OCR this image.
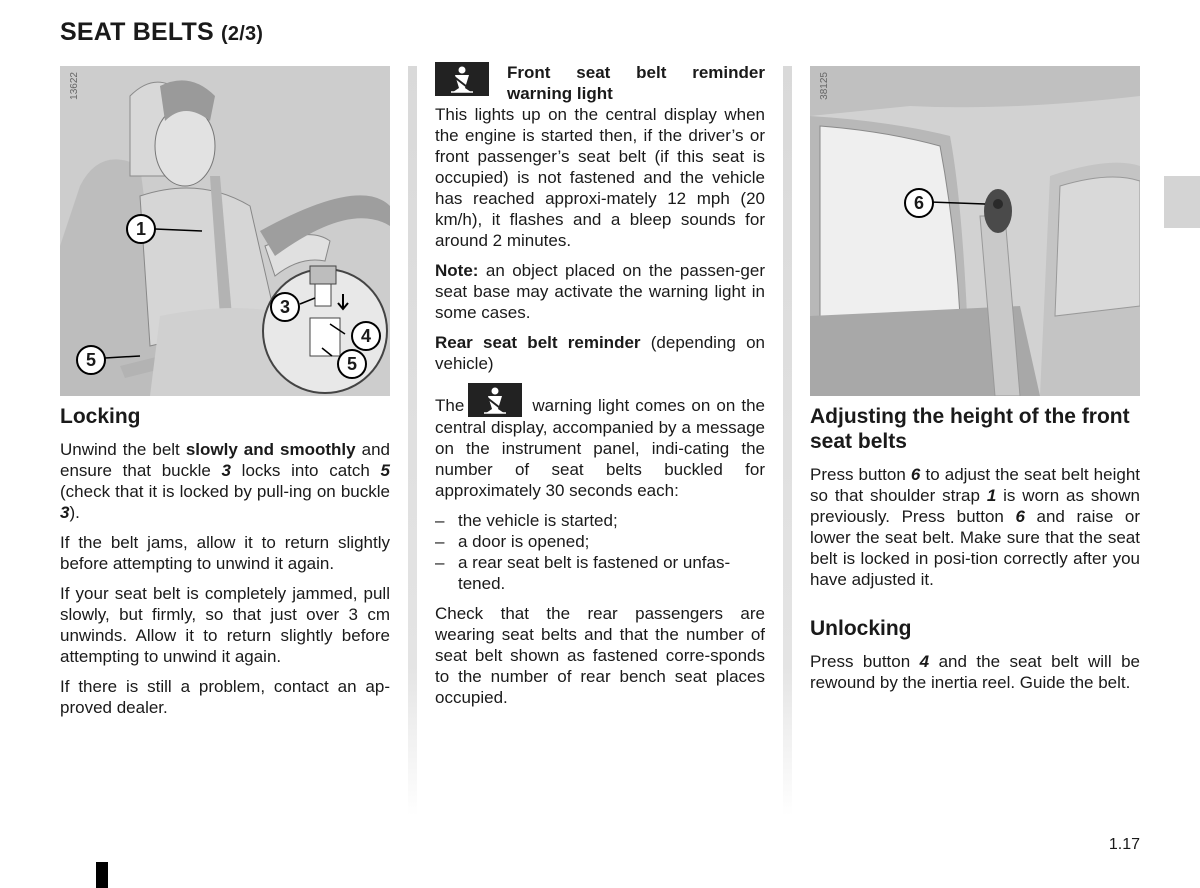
SEAT BELTS (2/3)
13622
1
3
4
5	5
Locking

Unwind the belt slowly and smoothly and ensure that buckle 3 locks into catch 5 (check that it is locked by pull-ing on buckle 3).

If the belt jams, allow it to return slightly before attempting to unwind it again.

If your seat belt is completely jammed, pull slowly, but firmly, so that just over 3 cm unwinds. Allow it to return slightly before attempting to unwind it again.

If there is still a problem, contact an ap-proved dealer.

Front seat belt reminder
warning light

This lights up on the central display when the engine is started then, if the driver’s or front passenger’s seat belt (if this seat is occupied) is not fastened and the vehicle has reached approxi-mately 12 mph (20 km/h), it flashes and a bleep sounds for around 2 minutes.

Note: an object placed on the passen-ger seat base may activate the warning light in some cases.

Rear seat belt reminder (depending on vehicle)

The	warning light comes on on the central display, accompanied by a message on the instrument panel, indi-cating the number of seat belts buckled for approximately 30 seconds each:

– the vehicle is started;
– a door is opened;
– a rear seat belt is fastened or unfas-tened.

Check that the rear passengers are wearing seat belts and that the number of seat belt shown as fastened corre-sponds to the number of rear bench seat places occupied.

38125
6
Adjusting the height of the front seat belts

Press button 6 to adjust the seat belt height so that shoulder strap 1 is worn as shown previously. Press button 6 and raise or lower the seat belt. Make sure that the seat belt is locked in posi-tion correctly after you have adjusted it.

Unlocking

Press button 4 and the seat belt will be rewound by the inertia reel. Guide the belt.

1.17
